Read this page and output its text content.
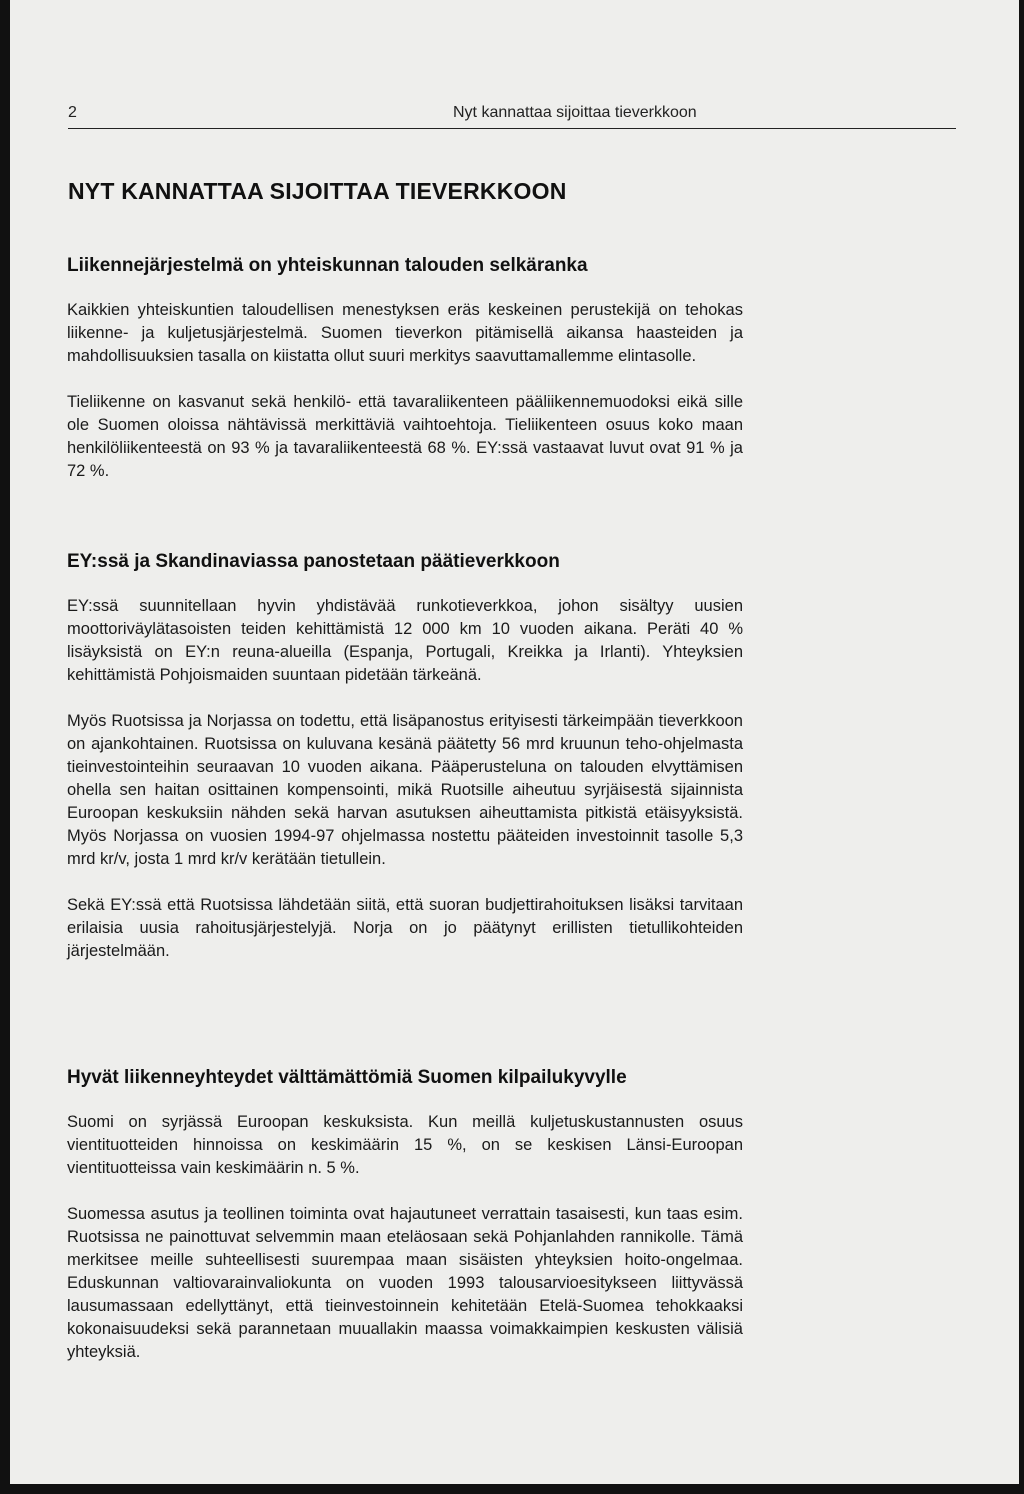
2	Nyt kannattaa sijoittaa tieverkkoon
NYT KANNATTAA SIJOITTAA TIEVERKKOON
Liikennejärjestelmä on yhteiskunnan talouden selkäranka

Kaikkien yhteiskuntien taloudellisen menestyksen eräs keskeinen perustekijä on tehokas liikenne- ja kuljetusjärjestelmä. Suomen tieverkon pitämisellä aikansa haasteiden ja mahdollisuuksien tasalla on kiistatta ollut suuri merkitys saavuttamallemme elintasolle.

Tieliikenne on kasvanut sekä henkilö- että tavaraliikenteen pääliikennemuodoksi eikä sille ole Suomen oloissa nähtävissä merkittäviä vaihtoehtoja. Tieliikenteen osuus koko maan henkilöliikenteestä on 93 % ja tavaraliikenteestä 68 %. EY:ssä vastaavat luvut ovat 91 % ja 72 %.

EY:ssä ja Skandinaviassa panostetaan päätieverkkoon

EY:ssä suunnitellaan hyvin yhdistävää runkotieverkkoa, johon sisältyy uusien moottoriväylätasoisten teiden kehittämistä 12 000 km 10 vuoden aikana. Peräti 40 % lisäyksistä on EY:n reuna-alueilla (Espanja, Portugali, Kreikka ja Irlanti). Yhteyksien kehittämistä Pohjoismaiden suuntaan pidetään tärkeänä.

Myös Ruotsissa ja Norjassa on todettu, että lisäpanostus erityisesti tärkeimpään tieverkkoon on ajankohtainen. Ruotsissa on kuluvana kesänä päätetty 56 mrd kruunun teho-ohjelmasta tieinvestointeihin seuraavan 10 vuoden aikana. Pääperusteluna on talouden elvyttämisen ohella sen haitan osittainen kompensointi, mikä Ruotsille aiheutuu syrjäisestä sijainnista Euroopan keskuksiin nähden sekä harvan asutuksen aiheuttamista pitkistä etäisyyksistä. Myös Norjassa on vuosien 1994-97 ohjelmassa nostettu pääteiden investoinnit tasolle 5,3 mrd kr/v, josta 1 mrd kr/v kerätään tietullein.

Sekä EY:ssä että Ruotsissa lähdetään siitä, että suoran budjettirahoituksen lisäksi tarvitaan erilaisia uusia rahoitusjärjestelyjä. Norja on jo päätynyt erillisten tietullikohteiden järjestelmään.

Hyvät liikenneyhteydet välttämättömiä Suomen kilpailukyvylle

Suomi on syrjässä Euroopan keskuksista. Kun meillä kuljetuskustannusten osuus vientituotteiden hinnoissa on keskimäärin 15 %, on se keskisen Länsi-Euroopan vientituotteissa vain keskimäärin n. 5 %.

Suomessa asutus ja teollinen toiminta ovat hajautuneet verrattain tasaisesti, kun taas esim. Ruotsissa ne painottuvat selvemmin maan eteläosaan sekä Pohjanlahden rannikolle. Tämä merkitsee meille suhteellisesti suurempaa maan sisäisten yhteyksien hoito-ongelmaa. Eduskunnan valtiovarainvaliokunta on vuoden 1993 talousarvioesitykseen liittyvässä lausumassaan edellyttänyt, että tieinvestoinnein kehitetään Etelä-Suomea tehokkaaksi kokonaisuudeksi sekä parannetaan muuallakin maassa voimakkaimpien keskusten välisiä yhteyksiä.
